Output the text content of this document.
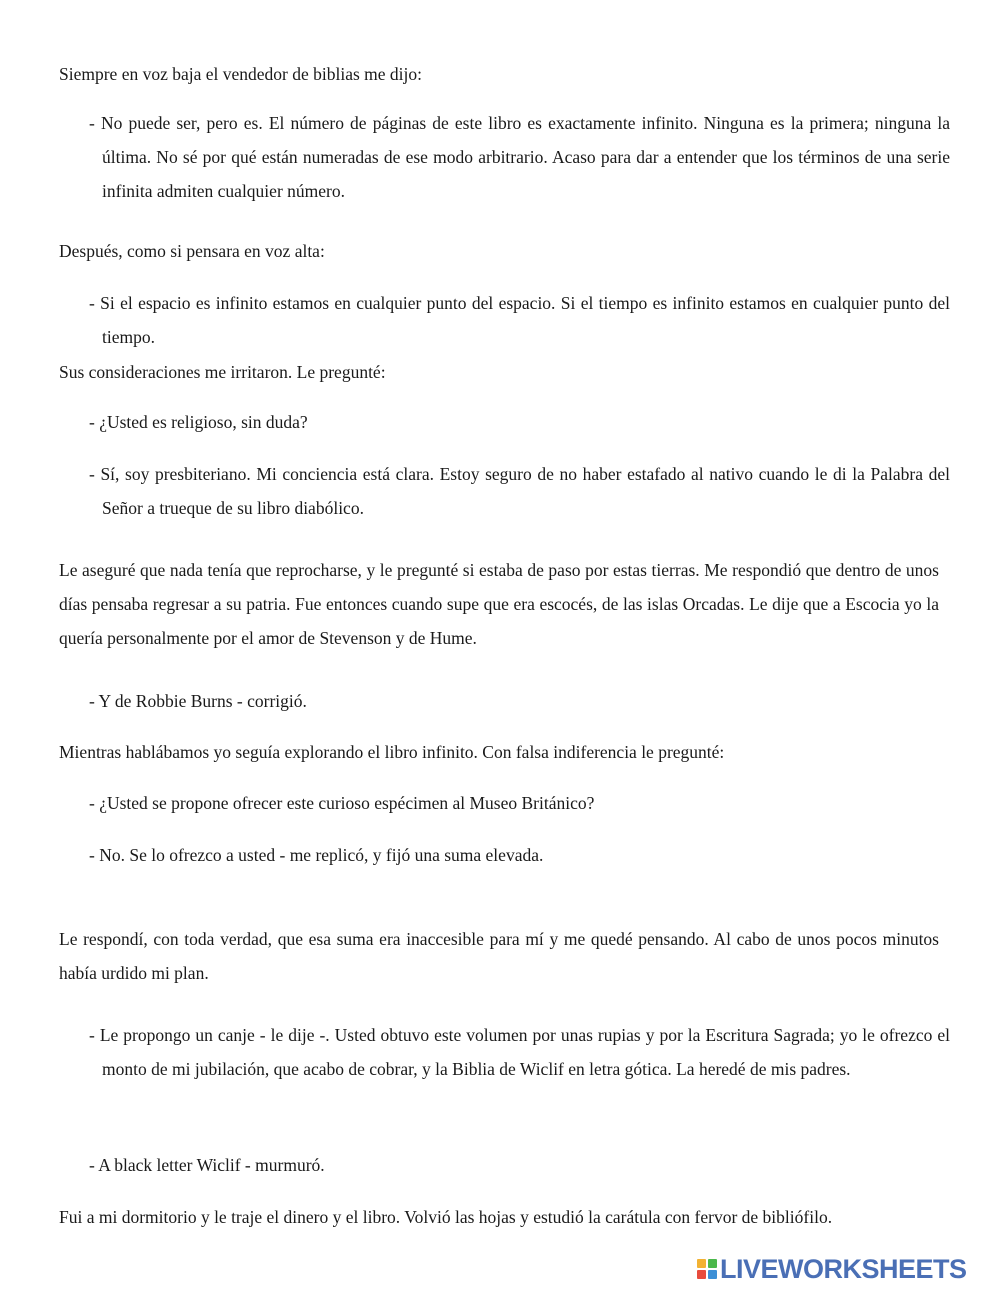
Siempre en voz baja el vendedor de biblias me dijo:

- No puede ser, pero es. El número de páginas de este libro es exactamente infinito. Ninguna es la primera; ninguna la última. No sé por qué están numeradas de ese modo arbitrario. Acaso para dar a entender que los términos de una serie infinita admiten cualquier número.

Después, como si pensara en voz alta:

- Si el espacio es infinito estamos en cualquier punto del espacio. Si el tiempo es infinito estamos en cualquier punto del tiempo.

Sus consideraciones me irritaron. Le pregunté:

- ¿Usted es religioso, sin duda?

- Sí, soy presbiteriano. Mi conciencia está clara. Estoy seguro de no haber estafado al nativo cuando le di la Palabra del Señor a trueque de su libro diabólico.

Le aseguré que nada tenía que reprocharse, y le pregunté si estaba de paso por estas tierras. Me respondió que dentro de unos días pensaba regresar a su patria. Fue entonces cuando supe que era escocés, de las islas Orcadas. Le dije que a Escocia yo la quería personalmente por el amor de Stevenson y de Hume.

- Y de Robbie Burns - corrigió.

Mientras hablábamos yo seguía explorando el libro infinito. Con falsa indiferencia le pregunté:

- ¿Usted se propone ofrecer este curioso espécimen al Museo Británico?

- No. Se lo ofrezco a usted - me replicó, y fijó una suma elevada.

Le respondí, con toda verdad, que esa suma era inaccesible para mí y me quedé pensando. Al cabo de unos pocos minutos había urdido mi plan.

- Le propongo un canje - le dije -. Usted obtuvo este volumen por unas rupias y por la Escritura Sagrada; yo le ofrezco el monto de mi jubilación, que acabo de cobrar, y la Biblia de Wiclif en letra gótica. La heredé de mis padres.

- A black letter Wiclif - murmuró.

Fui a mi dormitorio y le traje el dinero y el libro. Volvió las hojas y estudió la carátula con fervor de bibliófilo.

LIVEWORKSHEETS
